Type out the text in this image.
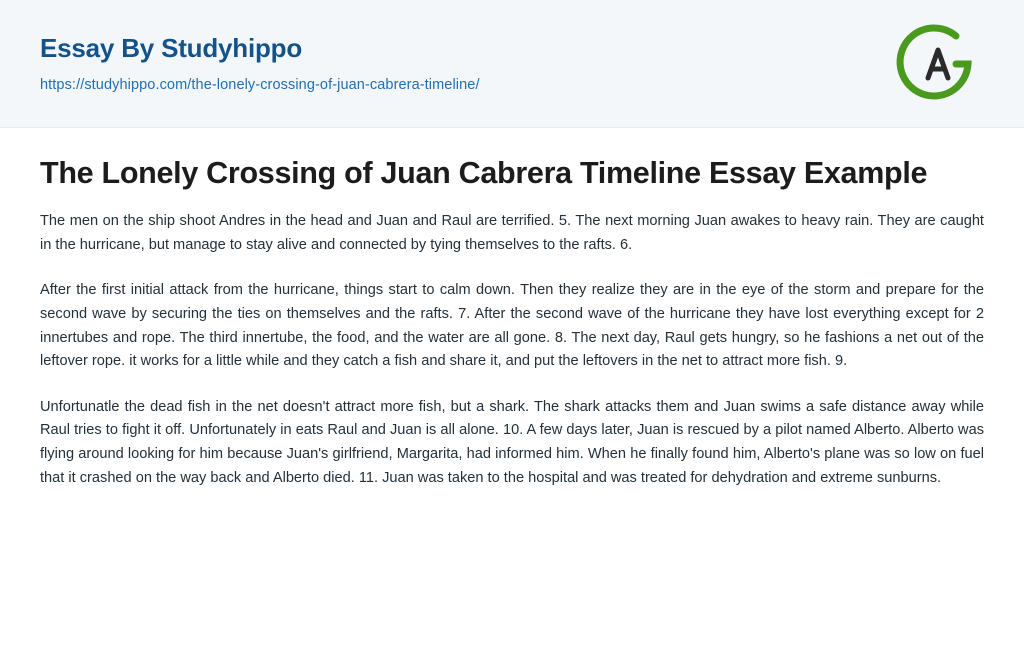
Essay By Studyhippo
https://studyhippo.com/the-lonely-crossing-of-juan-cabrera-timeline/
The Lonely Crossing of Juan Cabrera Timeline Essay Example

The men on the ship shoot Andres in the head and Juan and Raul are terrified. 5. The next morning Juan awakes to heavy rain. They are caught in the hurricane, but manage to stay alive and connected by tying themselves to the rafts. 6.

After the first initial attack from the hurricane, things start to calm down. Then they realize they are in the eye of the storm and prepare for the second wave by securing the ties on themselves and the rafts. 7. After the second wave of the hurricane they have lost everything except for 2 innertubes and rope. The third innertube, the food, and the water are all gone. 8. The next day, Raul gets hungry, so he fashions a net out of the leftover rope. it works for a little while and they catch a fish and share it, and put the leftovers in the net to attract more fish. 9.

Unfortunatle the dead fish in the net doesn't attract more fish, but a shark. The shark attacks them and Juan swims a safe distance away while Raul tries to fight it off. Unfortunately in eats Raul and Juan is all alone. 10. A few days later, Juan is rescued by a pilot named Alberto. Alberto was flying around looking for him because Juan's girlfriend, Margarita, had informed him. When he finally found him, Alberto's plane was so low on fuel that it crashed on the way back and Alberto died. 11. Juan was taken to the hospital and was treated for dehydration and extreme sunburns.
